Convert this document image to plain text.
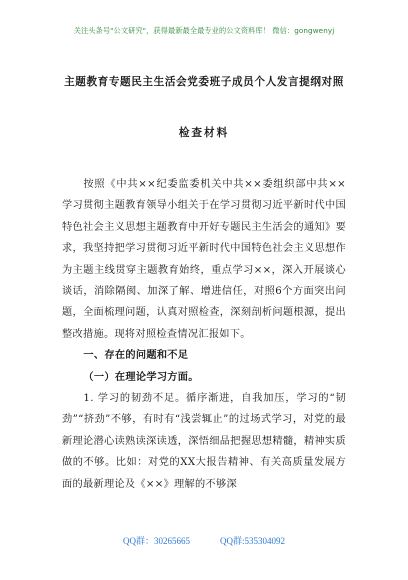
关注头条号"公文研究"，获得最新最全最专业的公文资料库！ 微信：gongwenyj
主题教育专题民主生活会党委班子成员个人发言提纲对照
检查材料

按照《中共××纪委监委机关中共××委组织部中共××学习贯彻主题教育领导小组关于在学习贯彻习近平新时代中国特色社会主义思想主题教育中开好专题民主生活会的通知》要求，我坚持把学习贯彻习近平新时代中国特色社会主义思想作为主题主线贯穿主题教育始终，重点学习××，深入开展谈心谈话，消除隔阂、加深了解、增进信任，对照6个方面突出问题，全面梳理问题，认真对照检查，深刻剖析问题根源，提出整改措施。现将对照检查情况汇报如下。

一、存在的问题和不足

（一）在理论学习方面。

1. 学习的韧劲不足。循序渐进，自我加压，学习的“韧劲”“挤劲”不够，有时有“浅尝辄止”的过场式学习，对党的最新理论潜心读熟读深读透，深悟细品把握思想精髓，精神实质做的不够。比如：对党的XX大报告精神、有关高质量发展方面的最新理论及《××》理解的不够深

QQ群：30265665	QQ群:535304092
